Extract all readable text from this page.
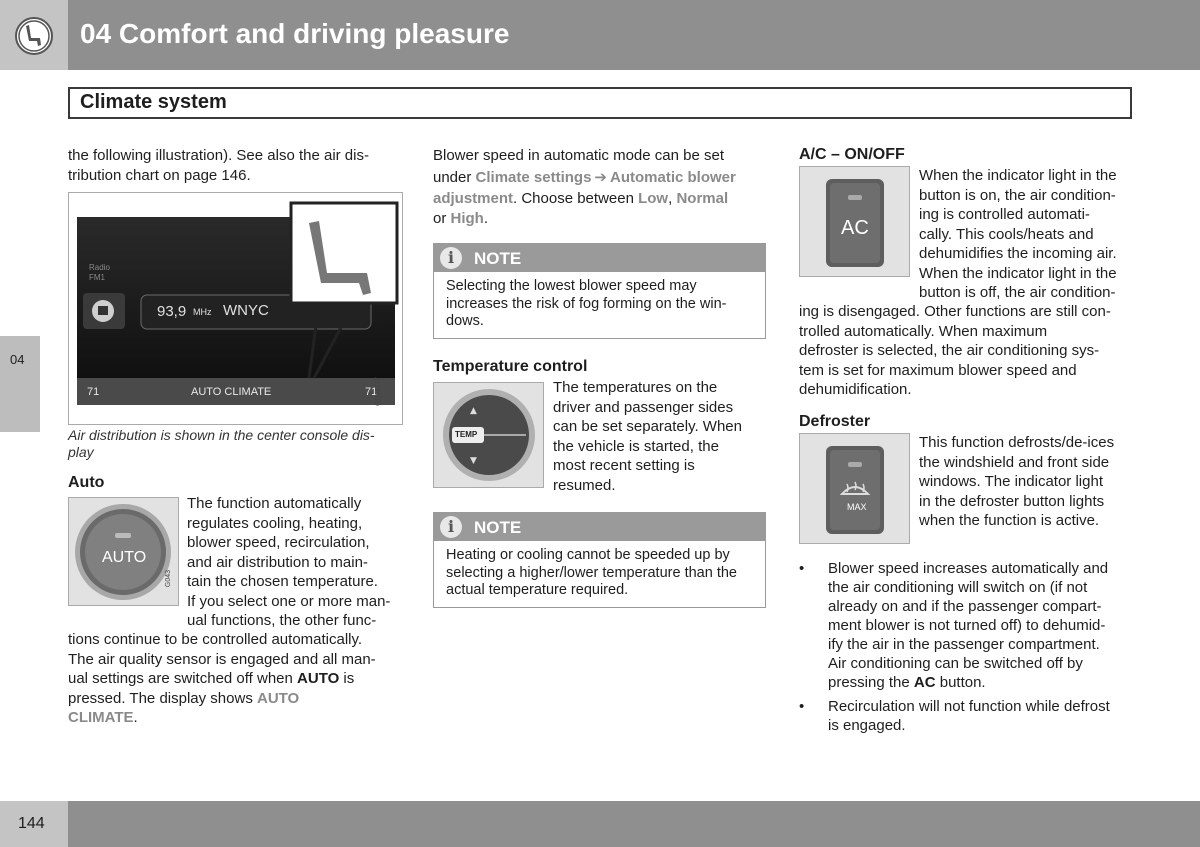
04 Comfort and driving pleasure
Climate system
04
the following illustration). See also the air dis-
tribution chart on page 146.
Radio
FM1
93,9 MHz WNYC
71	AUTO CLIMATE	71
G043777
Air distribution is shown in the center console dis-
play
Auto
AUTO
G043
The function automatically
regulates cooling, heating,
blower speed, recirculation,
and air distribution to main-
tain the chosen temperature.
If you select one or more man-
ual functions, the other func-
tions continue to be controlled automatically.
The air quality sensor is engaged and all man-
ual settings are switched off when AUTO is
pressed. The display shows AUTO
CLIMATE.
Blower speed in automatic mode can be set
under Climate settings ➔ Automatic blower
adjustment. Choose between Low, Normal
or High.
i	NOTE
Selecting the lowest blower speed may increases the risk of fog forming on the win-dows.
Temperature control
▲
▼
TEMP
The temperatures on the
driver and passenger sides
can be set separately. When
the vehicle is started, the
most recent setting is
resumed.
i	NOTE
Heating or cooling cannot be speeded up by selecting a higher/lower temperature than the actual temperature required.
A/C – ON/OFF
AC
When the indicator light in the
button is on, the air condition-
ing is controlled automati-
cally. This cools/heats and
dehumidifies the incoming air.
When the indicator light in the
button is off, the air condition-
ing is disengaged. Other functions are still con-
trolled automatically. When maximum
defroster is selected, the air conditioning sys-
tem is set for maximum blower speed and
dehumidification.
Defroster
MAX
This function defrosts/de-ices
the windshield and front side
windows. The indicator light
in the defroster button lights
when the function is active.
• Blower speed increases automatically and
the air conditioning will switch on (if not
already on and if the passenger compart-
ment blower is not turned off) to dehumid-
ify the air in the passenger compartment.
Air conditioning can be switched off by
pressing the AC button.
• Recirculation will not function while defrost
is engaged.
144
